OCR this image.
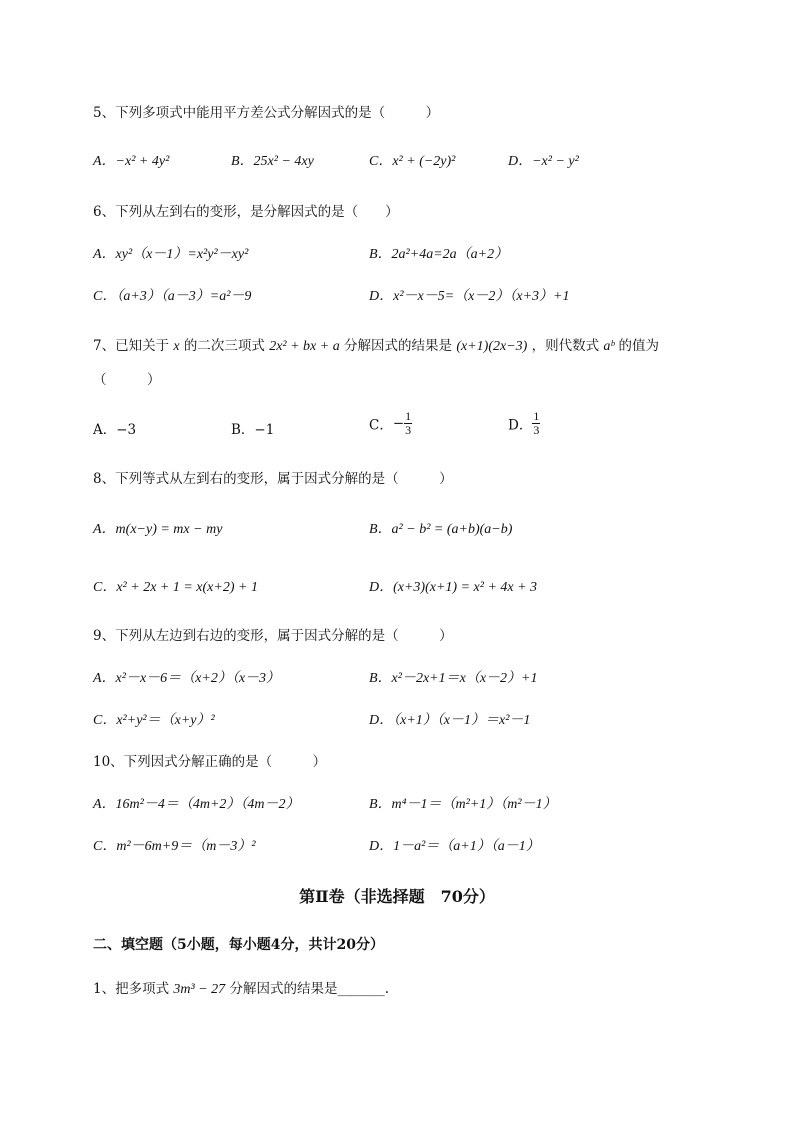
5、下列多项式中能用平方差公式分解因式的是（　　　）
A．−x² + 4y²	B．25x² − 4xy	C．x² + (−2y)²	D．−x² − y²
6、下列从左到右的变形，是分解因式的是（　　）
A．xy²（x－1）=x²y²－xy²	B．2a²+4a=2a（a+2）
C．（a+3）（a－3）=a²－9	D．x²－x－5=（x－2）（x+3）+1
7、已知关于 x 的二次三项式 2x² + bx + a 分解因式的结果是 (x+1)(2x−3) ，则代数式 aᵇ 的值为
（　　　）
A．−3	B．−1	C．− $\frac{1}{3}$	D． $\frac{1}{3}$
8、下列等式从左到右的变形，属于因式分解的是（　　　）
A．m(x−y) = mx − my	B．a² − b² = (a+b)(a−b)
C．x² + 2x + 1 = x(x+2) + 1	D．(x+3)(x+1) = x² + 4x + 3
9、下列从左边到右边的变形，属于因式分解的是（　　　）
A．x²－x－6＝（x+2）（x－3）	B．x²－2x+1＝x（x－2）+1
C．x²+y²＝（x+y）²	D．（x+1）（x－1）＝x²－1
10、下列因式分解正确的是（　　　）
A．16m²－4＝（4m+2）（4m－2）	B．m⁴－1＝（m²+1）（m²－1）
C．m²－6m+9＝（m－3）²	D．1－a²＝（a+1）（a－1）
第Ⅱ卷（非选择题　70分）
二、填空题（5小题，每小题4分，共计20分）
1、把多项式 3m³ − 27 分解因式的结果是_______.
